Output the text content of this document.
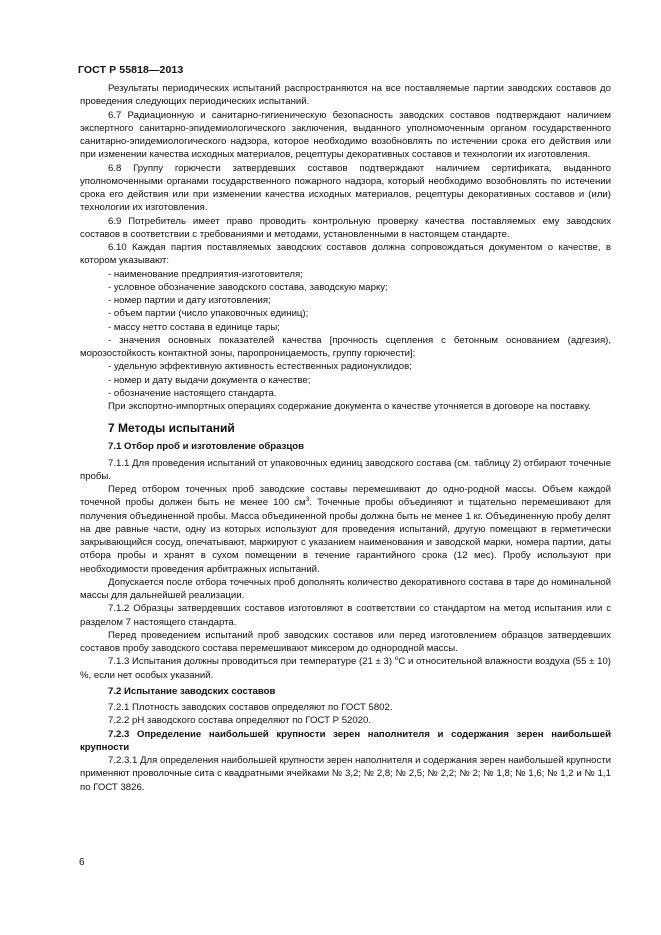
ГОСТ Р 55818—2013

Результаты периодических испытаний распространяются на все поставляемые партии заводских составов до проведения следующих периодических испытаний.

6.7 Радиационную и санитарно-гигиеническую безопасность заводских составов подтверждают наличием экспертного санитарно-эпидемиологического заключения, выданного уполномоченным органом государственного санитарно-эпидемиологического надзора, которое необходимо возобновлять по истечении срока его действия или при изменении качества исходных материалов, рецептуры декоративных составов и технологии их изготовления.

6.8 Группу горючести затвердевших составов подтверждают наличием сертификата, выданного уполномоченными органами государственного пожарного надзора, который необходимо возобновлять по истечении срока его действия или при изменении качества исходных материалов, рецептуры декоративных составов и (или) технологии их изготовления.

6.9 Потребитель имеет право проводить контрольную проверку качества поставляемых ему заводских составов в соответствии с требованиями и методами, установленными в настоящем стандарте.

6.10 Каждая партия поставляемых заводских составов должна сопровождаться документом о качестве, в котором указывают:

- наименование предприятия-изготовителя;

- условное обозначение заводского состава, заводскую марку;

- номер партии и дату изготовления;

- объем партии (число упаковочных единиц);

- массу нетто состава в единице тары;

- значения основных показателей качества [прочность сцепления с бетонным основанием (адгезия), морозостойкость контактной зоны, паропроницаемость, группу горючести];

- удельную эффективную активность естественных радионуклидов;

- номер и дату выдачи документа о качестве;

- обозначение настоящего стандарта.

При экспортно-импортных операциях содержание документа о качестве уточняется в договоре на поставку.

7 Методы испытаний
7.1 Отбор проб и изготовление образцов

7.1.1 Для проведения испытаний от упаковочных единиц заводского состава (см. таблицу 2) отбирают точечные пробы.

Перед отбором точечных проб заводские составы перемешивают до одно-родной массы. Объем каждой точечной пробы должен быть не менее 100 $см^3$. Точечные пробы объединяют и тщательно перемешивают для получения объединенной пробы. Масса объединенной пробы должна быть не менее 1 кг. Объединенную пробу делят на две равные части, одну из которых используют для проведения испытаний, другую помещают в герметически закрывающийся сосуд, опечатывают, маркируют с указанием наименования и заводской марки, номера партии, даты отбора пробы и хранят в сухом помещении в течение гарантийного срока (12 мес). Пробу используют при необходимости проведения арбитражных испытаний.

Допускается после отбора точечных проб дополнять количество декоративного состава в таре до номинальной массы для дальнейшей реализации.

7.1.2 Образцы затвердевших составов изготовляют в соответствии со стандартом на метод испытания или с разделом 7 настоящего стандарта.

Перед проведением испытаний проб заводских составов или перед изготовлением образцов затвердевших составов пробу заводского состава перемешивают миксером до однородной массы.

7.1.3 Испытания должны проводиться при температуре (21 ± 3) $^о$С и относительной влажности воздуха (55 ± 10) %, если нет особых указаний.

7.2 Испытание заводских составов

7.2.1 Плотность заводских составов определяют по ГОСТ 5802.

7.2.2 рН заводского состава определяют по ГОСТ Р 52020.

7.2.3 Определение наибольшей крупности зерен наполнителя и содержания зерен наибольшей крупности

7.2.3.1 Для определения наибольшей крупности зерен наполнителя и содержания зерен наибольшей крупности применяют проволочные сита с квадратными ячейками № 3,2; № 2,8; № 2,5; № 2,2; № 2; № 1,8; № 1,6; № 1,2 и № 1,1 по ГОСТ 3826.

6
